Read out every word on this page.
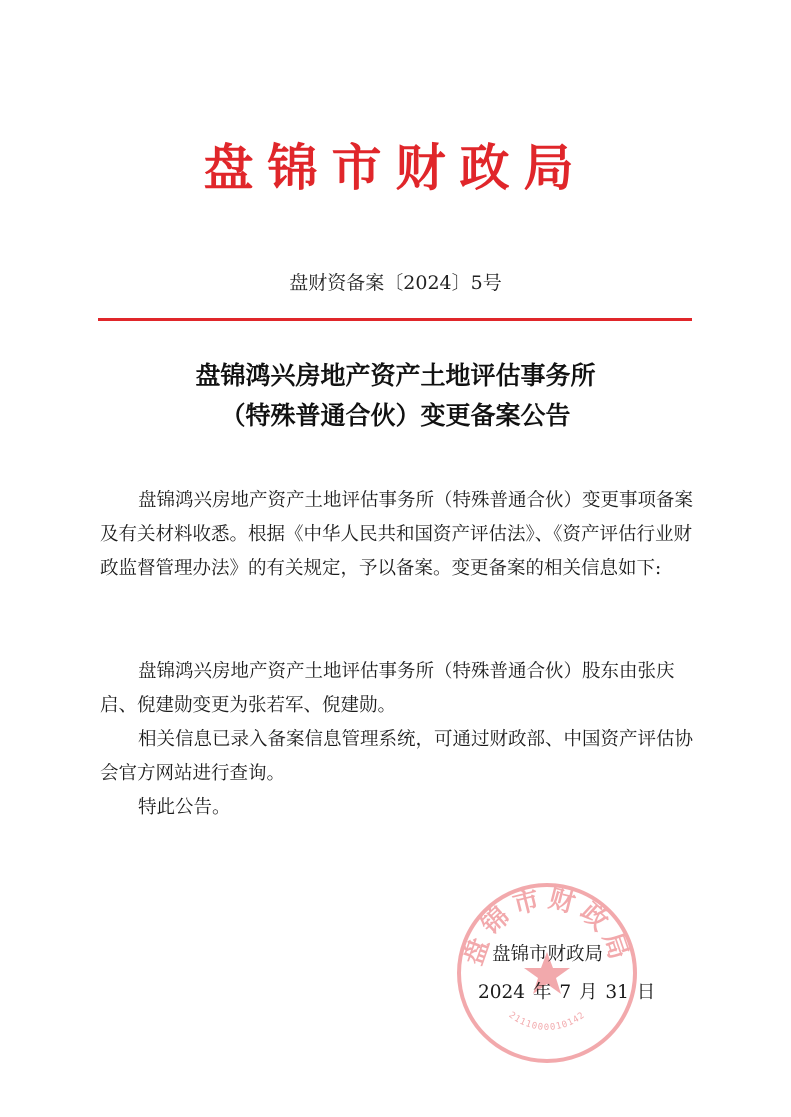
盘锦市财政局
盘财资备案〔2024〕5号
盘锦鸿兴房地产资产土地评估事务所
（特殊普通合伙）变更备案公告
盘锦鸿兴房地产资产土地评估事务所（特殊普通合伙）变更事项备案及有关材料收悉。根据《中华人民共和国资产评估法》、《资产评估行业财政监督管理办法》的有关规定，予以备案。变更备案的相关信息如下:
盘锦鸿兴房地产资产土地评估事务所（特殊普通合伙）股东由张庆启、倪建勋变更为张若军、倪建勋。
相关信息已录入备案信息管理系统，可通过财政部、中国资产评估协会官方网站进行查询。
特此公告。
盘锦市财政局
2111000010142
盘锦市财政局
2024 年 7 月 31 日
